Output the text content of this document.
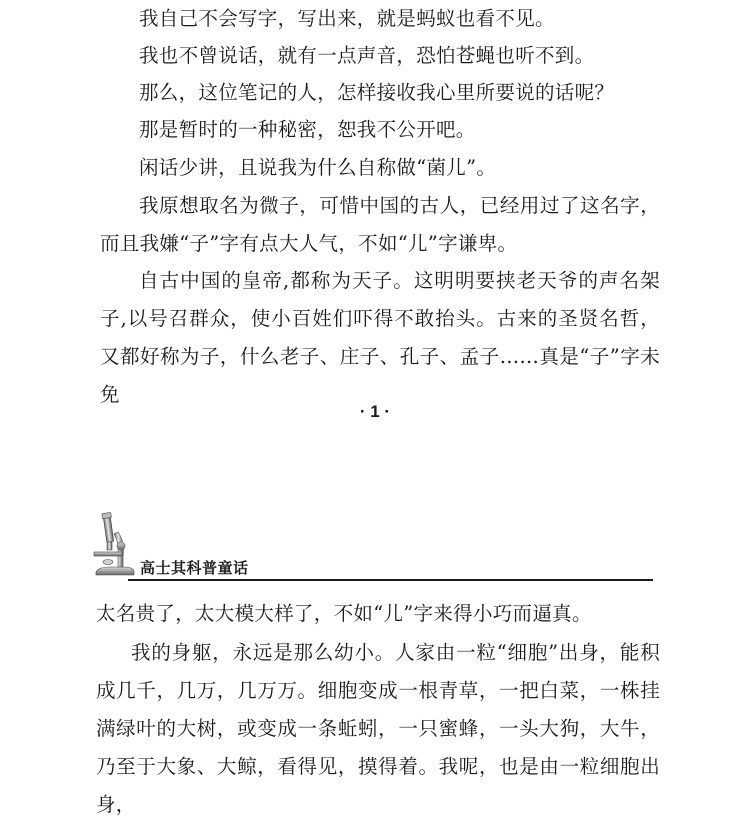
我自己不会写字，写出来，就是蚂蚁也看不见。

我也不曾说话，就有一点声音，恐怕苍蝇也听不到。

那么，这位笔记的人，怎样接收我心里所要说的话呢？

那是暂时的一种秘密，恕我不公开吧。

闲话少讲，且说我为什么自称做“菌儿”。

我原想取名为微子，可惜中国的古人，已经用过了这名字，而且我嫌“子”字有点大人气，不如“儿”字谦卑。

自古中国的皇帝,都称为天子。这明明要挟老天爷的声名架子,以号召群众，使小百姓们吓得不敢抬头。古来的圣贤名哲，又都好称为子，什么老子、庄子、孔子、孟子……真是“子”字未免

· 1 ·
高士其科普童话

太名贵了，太大模大样了，不如“儿”字来得小巧而逼真。

我的身躯，永远是那么幼小。人家由一粒“细胞”出身，能积成几千，几万，几万万。细胞变成一根青草，一把白菜，一株挂满绿叶的大树，或变成一条蚯蚓，一只蜜蜂，一头大狗，大牛，乃至于大象、大鲸，看得见，摸得着。我呢，也是由一粒细胞出身，
